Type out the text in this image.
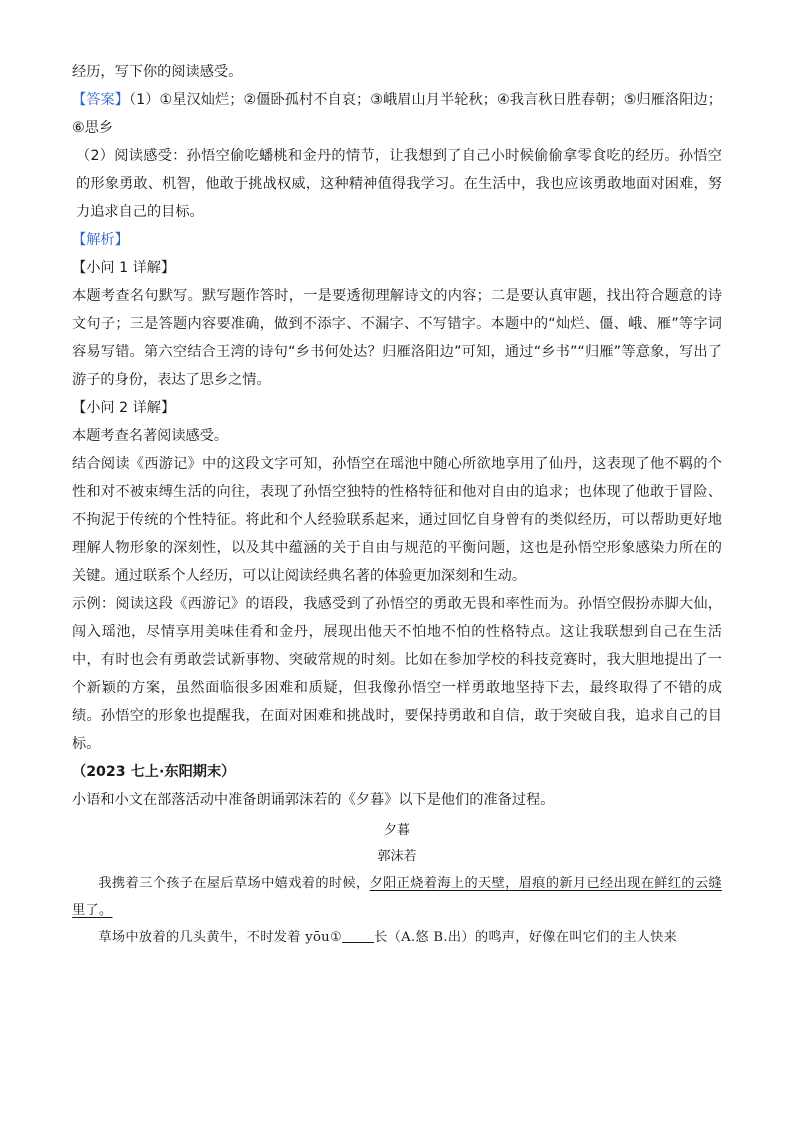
经历，写下你的阅读感受。

【答案】（1）①星汉灿烂；②僵卧孤村不自哀；③峨眉山月半轮秋；④我言秋日胜春朝；⑤归雁洛阳边；⑥思乡

（2）阅读感受：孙悟空偷吃蟠桃和金丹的情节，让我想到了自己小时候偷偷拿零食吃的经历。孙悟空的形象勇敢、机智，他敢于挑战权威，这种精神值得我学习。在生活中，我也应该勇敢地面对困难，努力追求自己的目标。

【解析】

【小问 1 详解】

本题考查名句默写。默写题作答时，一是要透彻理解诗文的内容；二是要认真审题，找出符合题意的诗文句子；三是答题内容要准确，做到不添字、不漏字、不写错字。本题中的“灿烂、僵、峨、雁”等字词容易写错。第六空结合王湾的诗句“乡书何处达？归雁洛阳边”可知，通过“乡书”“归雁”等意象，写出了游子的身份，表达了思乡之情。

【小问 2 详解】

本题考查名著阅读感受。

结合阅读《西游记》中的这段文字可知，孙悟空在瑶池中随心所欲地享用了仙丹，这表现了他不羁的个性和对不被束缚生活的向往，表现了孙悟空独特的性格特征和他对自由的追求；也体现了他敢于冒险、不拘泥于传统的个性特征。将此和个人经验联系起来，通过回忆自身曾有的类似经历，可以帮助更好地理解人物形象的深刻性，以及其中蕴涵的关于自由与规范的平衡问题，这也是孙悟空形象感染力所在的关键。通过联系个人经历，可以让阅读经典名著的体验更加深刻和生动。

示例：阅读这段《西游记》的语段，我感受到了孙悟空的勇敢无畏和率性而为。孙悟空假扮赤脚大仙，闯入瑶池，尽情享用美味佳肴和金丹，展现出他天不怕地不怕的性格特点。这让我联想到自己在生活中，有时也会有勇敢尝试新事物、突破常规的时刻。比如在参加学校的科技竞赛时，我大胆地提出了一个新颖的方案，虽然面临很多困难和质疑，但我像孙悟空一样勇敢地坚持下去，最终取得了不错的成绩。孙悟空的形象也提醒我，在面对困难和挑战时，要保持勇敢和自信，敢于突破自我，追求自己的目标。

（2023 七上·东阳期末）

小语和小文在部落活动中准备朗诵郭沫若的《夕暮》以下是他们的准备过程。

夕暮

郭沫若

我携着三个孩子在屋后草场中嬉戏着的时候，夕阳正烧着海上的天壁，眉痕的新月已经出现在鲜红的云缝里了。

草场中放着的几头黄牛，不时发着 yōu① 长（A.悠 B.出）的鸣声，好像在叫它们的主人快来
